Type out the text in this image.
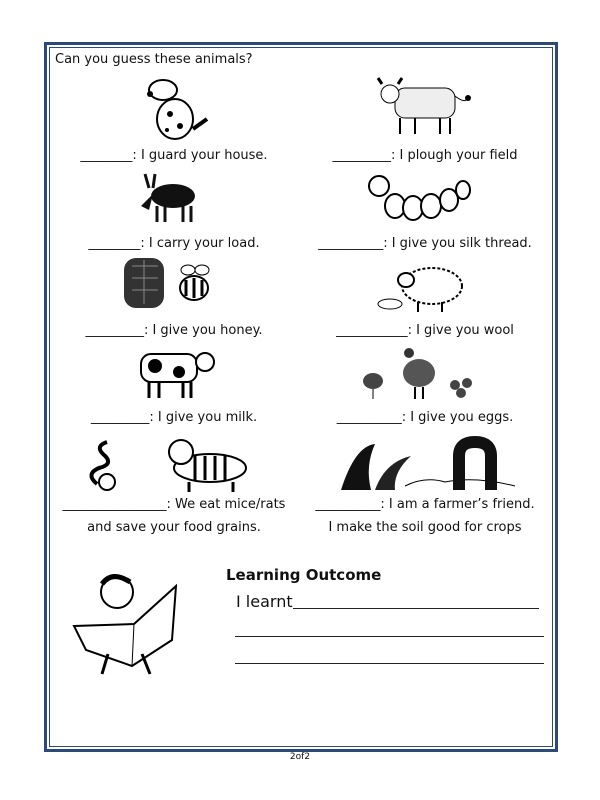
Can you guess these animals?
________: I guard your house.	_________: I plough your field
________: I carry your load.	__________: I give you silk thread.
_________: I give you honey.	___________: I give you wool
_________: I give you milk.	__________: I give you eggs.
________________: We eat mice/rats __________: I am a farmer’s friend.
and save your food grains.	I make the soil good for crops
Learning Outcome
I learnt
2of2
